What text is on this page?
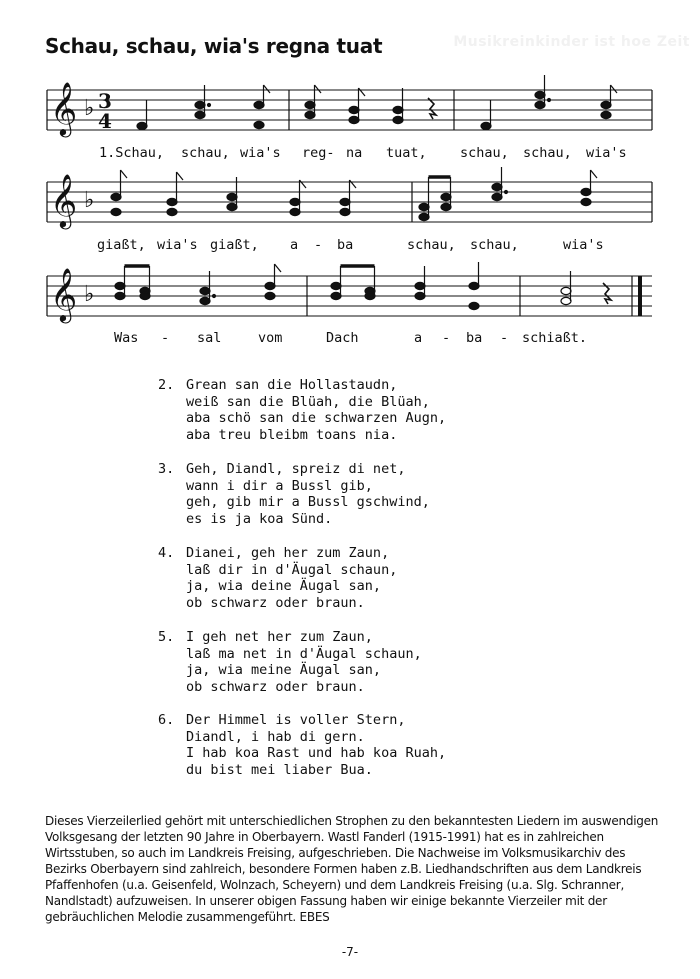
Schau, schau, wia's regna tuat	Musikreinkinder ist hoe Zeit
𝄞
𝄞
𝄞
♭
♭
♭
3
4
1.Schau, schau, wia's reg- na tuat, schau, schau, wia's
giaßt, wia's giaßt, a - ba	schau, schau,	wia's
Was - sal	vom	Dach	a - ba - schiaßt.
2. Grean san die Hollastaudn,
weiß san die Blüah, die Blüah,
aba schö san die schwarzen Augn,
aba treu bleibm toans nia.
3. Geh, Diandl, spreiz di net,
wann i dir a Bussl gib,
geh, gib mir a Bussl gschwind,
es is ja koa Sünd.
4. Dianei, geh her zum Zaun,
laß dir in d'Äugal schaun,
ja, wia deine Äugal san,
ob schwarz oder braun.
5. I geh net her zum Zaun,
laß ma net in d'Äugal schaun,
ja, wia meine Äugal san,
ob schwarz oder braun.
6. Der Himmel is voller Stern,
Diandl, i hab di gern.
I hab koa Rast und hab koa Ruah,
du bist mei liaber Bua.
Dieses Vierzeilerlied gehört mit unterschiedlichen Strophen zu den bekanntesten Liedern im auswendigen Volksgesang der letzten 90 Jahre in Oberbayern. Wastl Fanderl (1915-1991) hat es in zahlreichen Wirtsstuben, so auch im Landkreis Freising, aufgeschrieben. Die Nachweise im Volksmusikarchiv des Bezirks Oberbayern sind zahlreich, besondere Formen haben z.B. Liedhandschriften aus dem Landkreis Pfaffenhofen (u.a. Geisenfeld, Wolnzach, Scheyern) und dem Landkreis Freising (u.a. Slg. Schranner, Nandlstadt) aufzuweisen. In unserer obigen Fassung haben wir einige bekannte Vierzeiler mit der gebräuchlichen Melodie zusammengeführt. EBES
-7-
